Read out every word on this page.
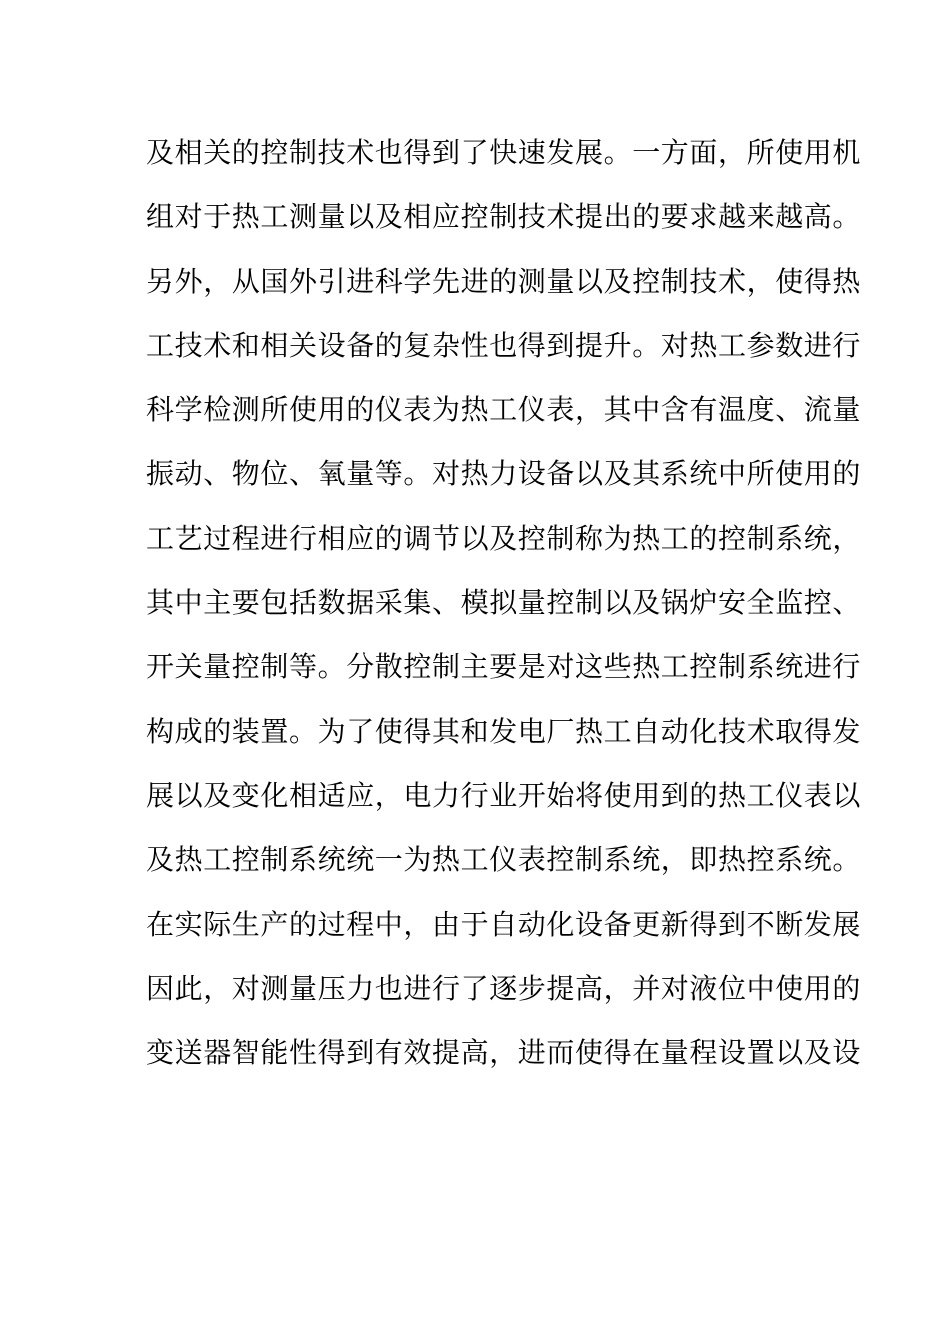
及相关的控制技术也得到了快速发展。一方面，所使用机
组对于热工测量以及相应控制技术提出的要求越来越高。
另外，从国外引进科学先进的测量以及控制技术，使得热
工技术和相关设备的复杂性也得到提升。对热工参数进行
科学检测所使用的仪表为热工仪表，其中含有温度、流量
振动、物位、氧量等。对热力设备以及其系统中所使用的
工艺过程进行相应的调节以及控制称为热工的控制系统，
其中主要包括数据采集、模拟量控制以及锅炉安全监控、
开关量控制等。分散控制主要是对这些热工控制系统进行
构成的装置。为了使得其和发电厂热工自动化技术取得发
展以及变化相适应，电力行业开始将使用到的热工仪表以
及热工控制系统统一为热工仪表控制系统，即热控系统。
在实际生产的过程中，由于自动化设备更新得到不断发展
因此，对测量压力也进行了逐步提高，并对液位中使用的
变送器智能性得到有效提高，进而使得在量程设置以及设
